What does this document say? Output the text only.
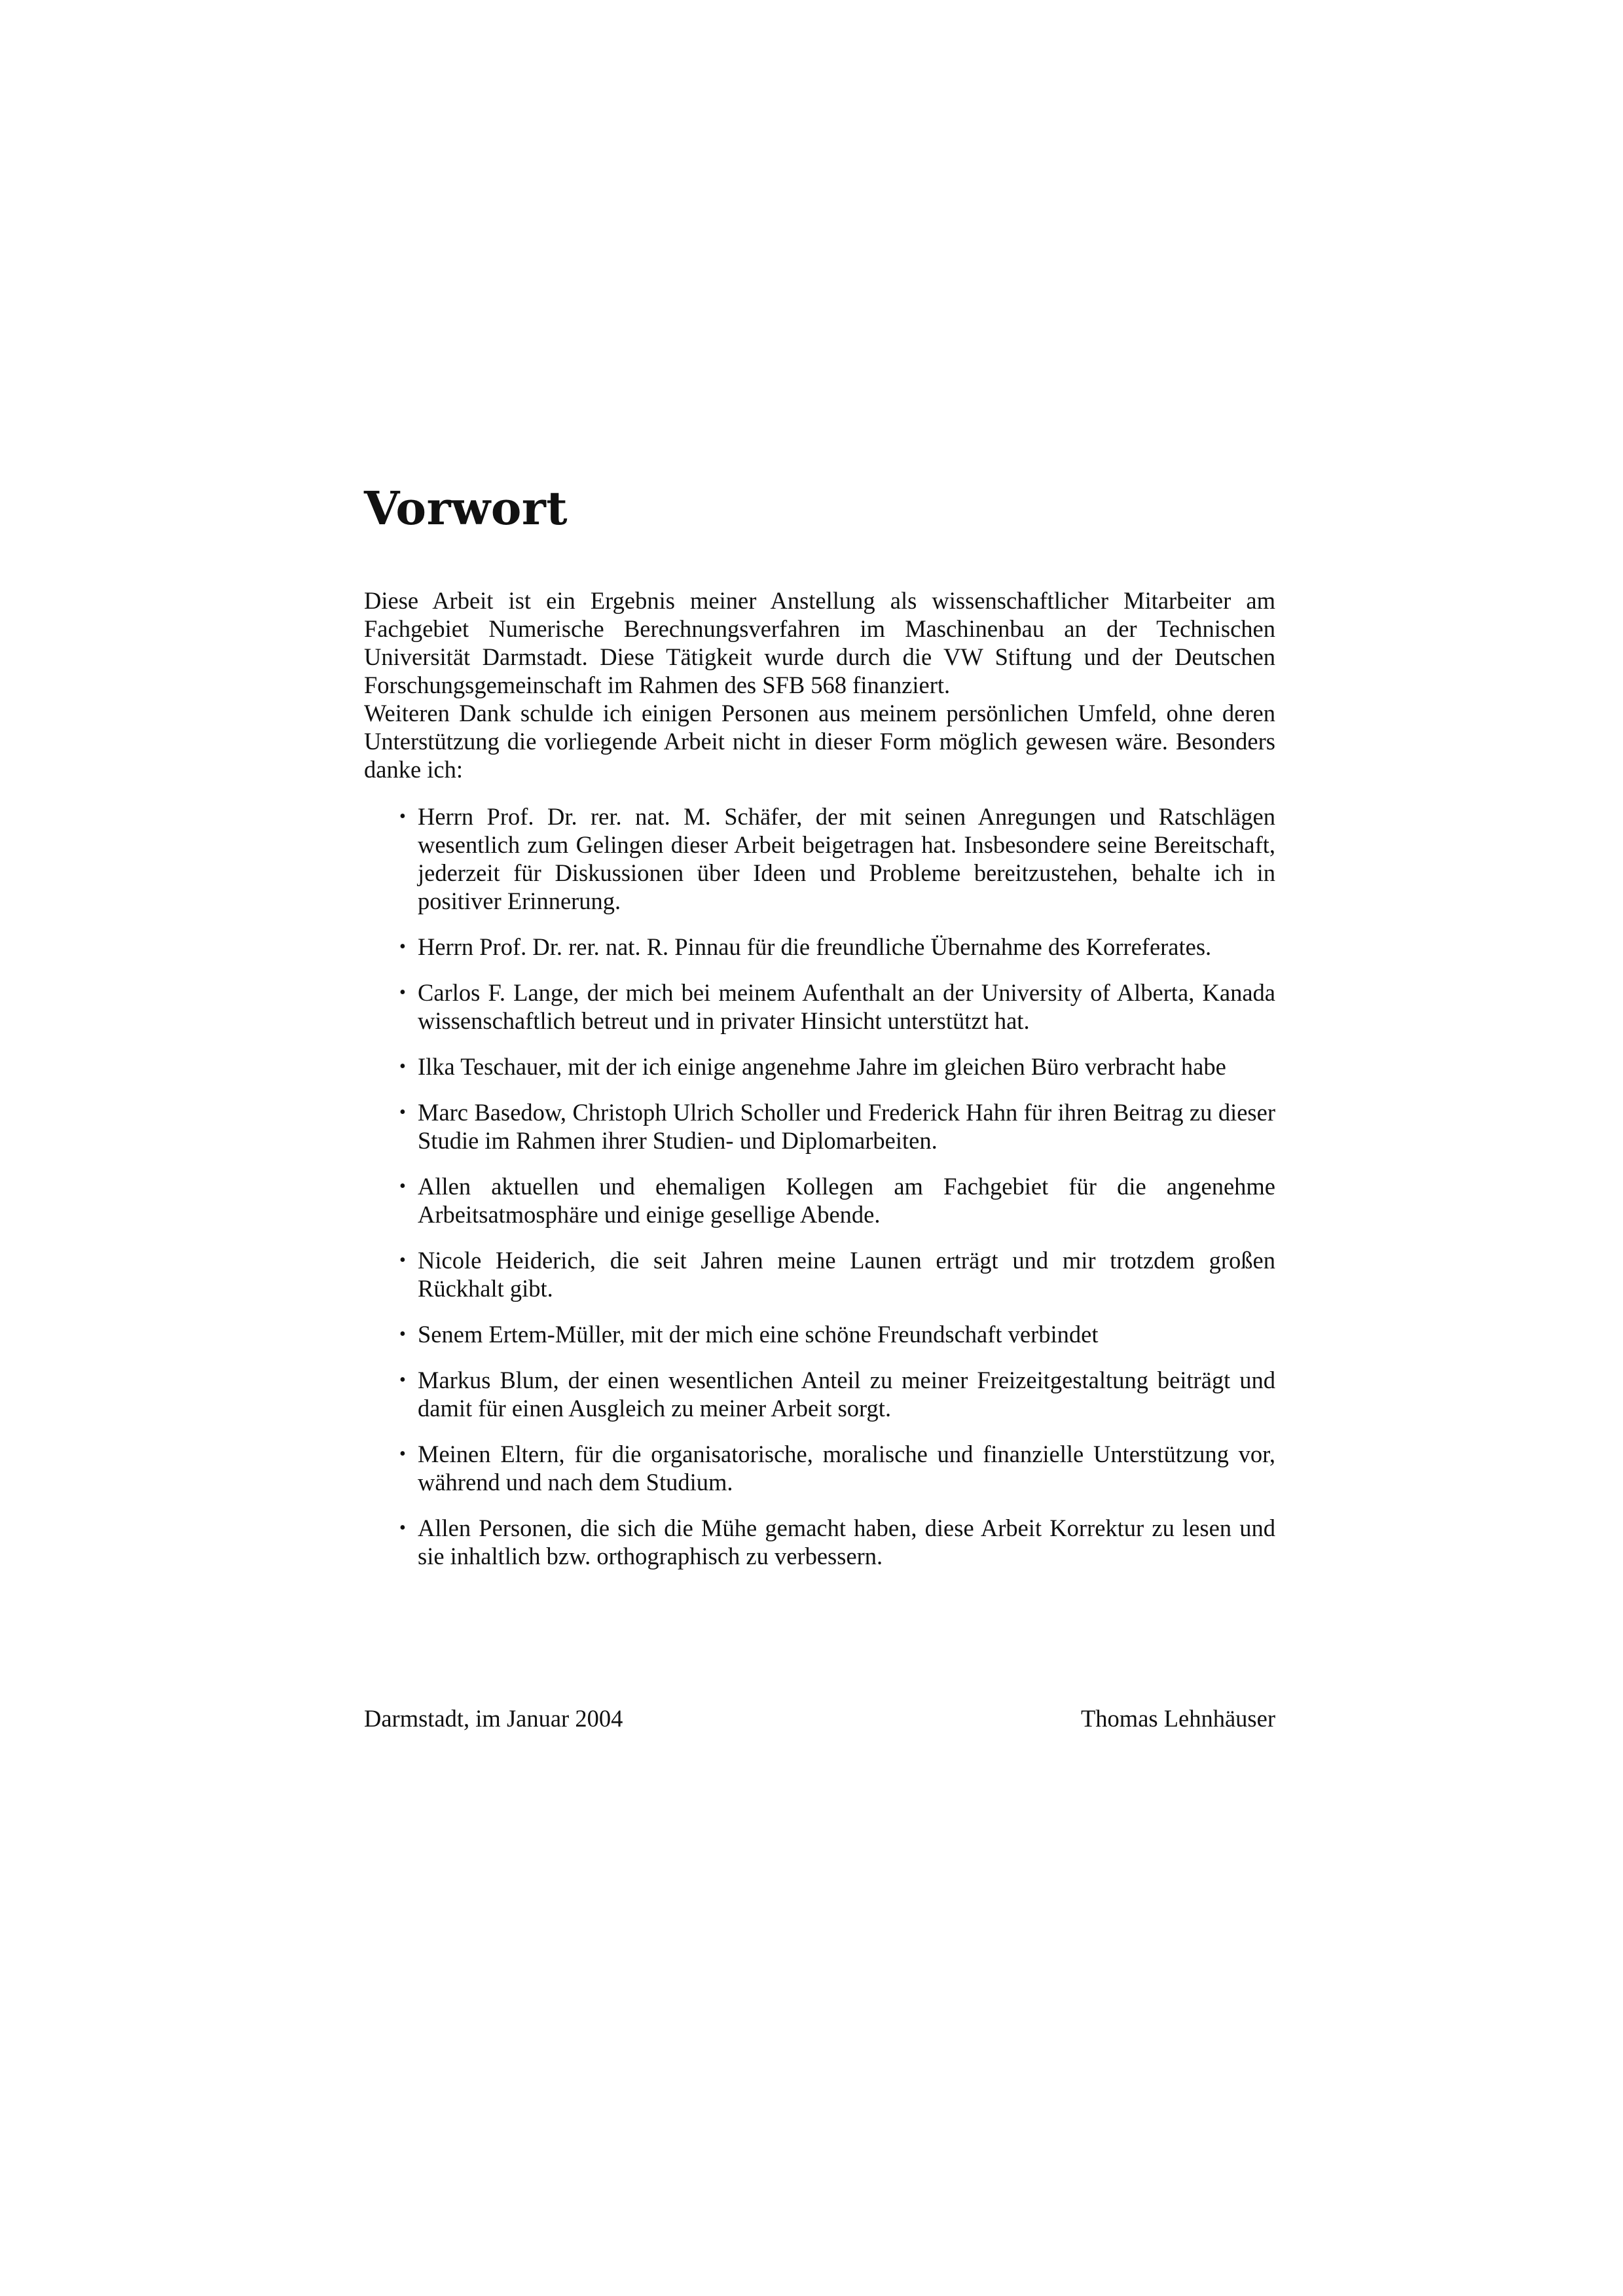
Vorwort

Diese Arbeit ist ein Ergebnis meiner Anstellung als wissenschaftlicher Mitarbeiter am Fachgebiet Numerische Berechnungsverfahren im Maschinenbau an der Technischen Universität Darmstadt. Diese Tätigkeit wurde durch die VW Stiftung und der Deutschen Forschungsgemeinschaft im Rahmen des SFB 568 finanziert.

Weiteren Dank schulde ich einigen Personen aus meinem persönlichen Umfeld, ohne deren Unterstützung die vorliegende Arbeit nicht in dieser Form möglich gewesen wäre. Besonders danke ich:

• Herrn Prof. Dr. rer. nat. M. Schäfer, der mit seinen Anregungen und Ratschlägen wesentlich zum Gelingen dieser Arbeit beigetragen hat. Insbesondere seine Bereitschaft, jederzeit für Diskussionen über Ideen und Probleme bereitzustehen, behalte ich in positiver Erinnerung.
• Herrn Prof. Dr. rer. nat. R. Pinnau für die freundliche Übernahme des Korreferates.
• Carlos F. Lange, der mich bei meinem Aufenthalt an der University of Alberta, Kanada wissenschaftlich betreut und in privater Hinsicht unterstützt hat.
• Ilka Teschauer, mit der ich einige angenehme Jahre im gleichen Büro verbracht habe
• Marc Basedow, Christoph Ulrich Scholler und Frederick Hahn für ihren Beitrag zu dieser Studie im Rahmen ihrer Studien- und Diplomarbeiten.
• Allen aktuellen und ehemaligen Kollegen am Fachgebiet für die angenehme Arbeitsatmosphäre und einige gesellige Abende.
• Nicole Heiderich, die seit Jahren meine Launen erträgt und mir trotzdem großen Rückhalt gibt.
• Senem Ertem-Müller, mit der mich eine schöne Freundschaft verbindet
• Markus Blum, der einen wesentlichen Anteil zu meiner Freizeitgestaltung beiträgt und damit für einen Ausgleich zu meiner Arbeit sorgt.
• Meinen Eltern, für die organisatorische, moralische und finanzielle Unterstützung vor, während und nach dem Studium.
• Allen Personen, die sich die Mühe gemacht haben, diese Arbeit Korrektur zu lesen und sie inhaltlich bzw. orthographisch zu verbessern.
Darmstadt, im Januar 2004	Thomas Lehnhäuser
